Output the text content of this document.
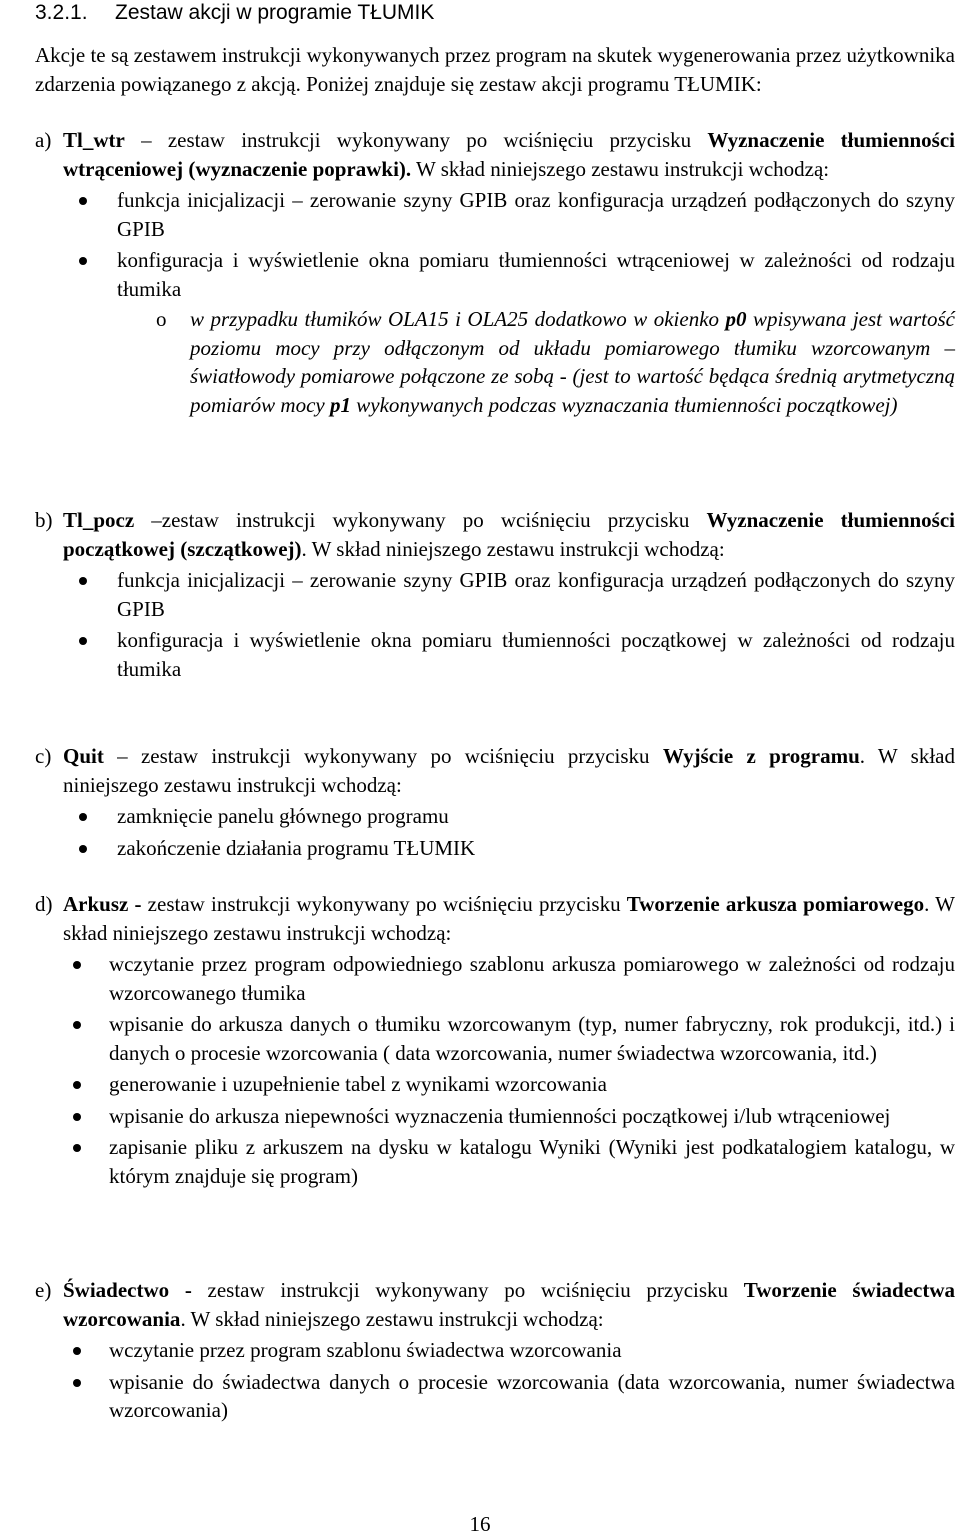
3.2.1. Zestaw akcji w programie TŁUMIK

Akcje te są zestawem instrukcji wykonywanych przez program na skutek wygenerowania przez użytkownika zdarzenia powiązanego z akcją. Poniżej znajduje się zestaw akcji programu TŁUMIK:

a) Tl_wtr – zestaw instrukcji wykonywany po wciśnięciu przycisku Wyznaczenie tłumienności wtrąceniowej (wyznaczenie poprawki). W skład niniejszego zestawu instrukcji wchodzą:

funkcja inicjalizacji – zerowanie szyny GPIB oraz konfiguracja urządzeń podłączonych do szyny GPIB
konfiguracja i wyświetlenie okna pomiaru tłumienności wtrąceniowej w zależności od rodzaju tłumika
o w przypadku tłumików OLA15 i OLA25 dodatkowo w okienko p0 wpisywana jest wartość poziomu mocy przy odłączonym od układu pomiarowego tłumiku wzorcowanym – światłowody pomiarowe połączone ze sobą - (jest to wartość będąca średnią arytmetyczną pomiarów mocy p1 wykonywanych podczas wyznaczania tłumienności początkowej)
b) Tl_pocz –zestaw instrukcji wykonywany po wciśnięciu przycisku Wyznaczenie tłumienności początkowej (szczątkowej). W skład niniejszego zestawu instrukcji wchodzą:

funkcja inicjalizacji – zerowanie szyny GPIB oraz konfiguracja urządzeń podłączonych do szyny GPIB
konfiguracja i wyświetlenie okna pomiaru tłumienności początkowej w zależności od rodzaju tłumika
c) Quit – zestaw instrukcji wykonywany po wciśnięciu przycisku Wyjście z programu. W skład niniejszego zestawu instrukcji wchodzą:

zamknięcie panelu głównego programu
zakończenie działania programu TŁUMIK
d) Arkusz - zestaw instrukcji wykonywany po wciśnięciu przycisku Tworzenie arkusza pomiarowego. W skład niniejszego zestawu instrukcji wchodzą:

wczytanie przez program odpowiedniego szablonu arkusza pomiarowego w zależności od rodzaju wzorcowanego tłumika
wpisanie do arkusza danych o tłumiku wzorcowanym (typ, numer fabryczny, rok produkcji, itd.) i danych o procesie wzorcowania ( data wzorcowania, numer świadectwa wzorcowania, itd.)
generowanie i uzupełnienie tabel z wynikami wzorcowania
wpisanie do arkusza niepewności wyznaczenia tłumienności początkowej i/lub wtrąceniowej
zapisanie pliku z arkuszem na dysku w katalogu Wyniki (Wyniki jest podkatalogiem katalogu, w którym znajduje się program)
e) Świadectwo - zestaw instrukcji wykonywany po wciśnięciu przycisku Tworzenie świadectwa wzorcowania. W skład niniejszego zestawu instrukcji wchodzą:

wczytanie przez program szablonu świadectwa wzorcowania
wpisanie do świadectwa danych o procesie wzorcowania (data wzorcowania, numer świadectwa wzorcowania)
16
